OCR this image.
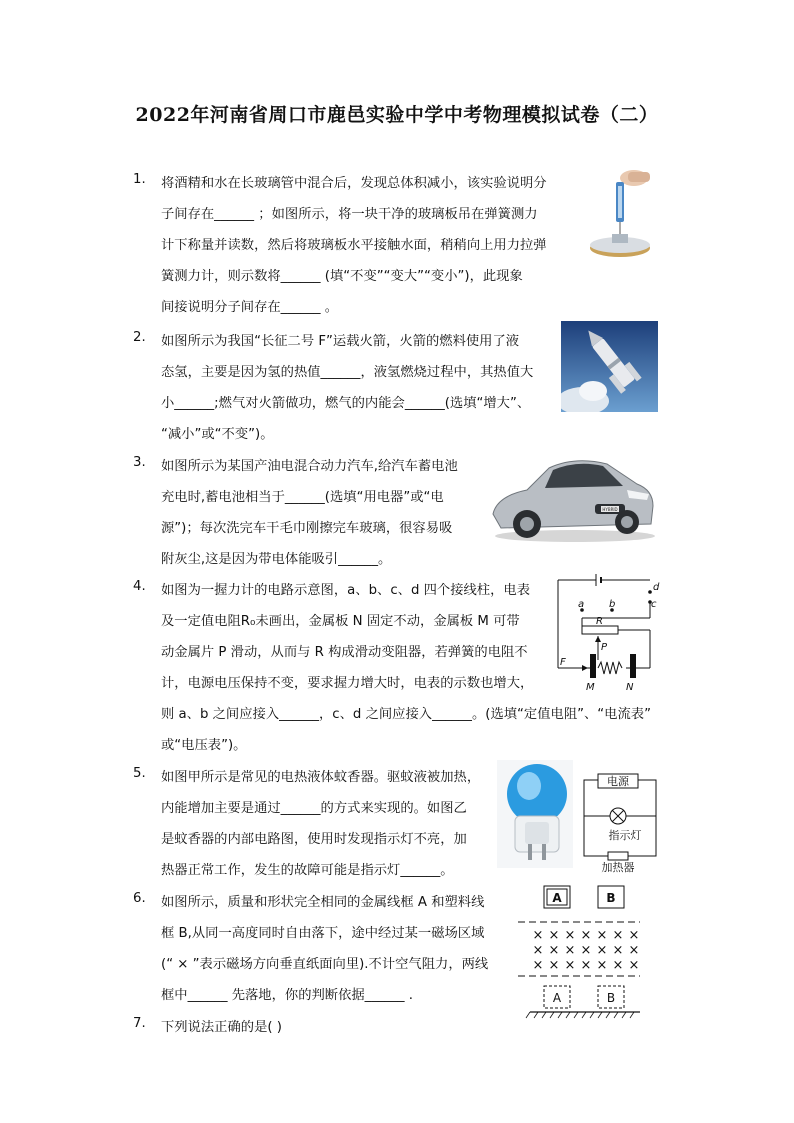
2022年河南省周口市鹿邑实验中学中考物理模拟试卷（二）
1.	将酒精和水在长玻璃管中混合后，发现总体积减小，该实验说明分
子间存在______ ；如图所示，将一块干净的玻璃板吊在弹簧测力
计下称量并读数，然后将玻璃板水平接触水面，稍稍向上用力拉弹
簧测力计，则示数将______ (填“不变”“变大”“变小”)，此现象
间接说明分子间存在______ 。
2.	如图所示为我国“长征二号 F”运载火箭，火箭的燃料使用了液
态氢，主要是因为氢的热值______，液氢燃烧过程中，其热值大
小______;燃气对火箭做功，燃气的内能会______(选填“增大”、
“减小”或“不变”)。
3.	如图所示为某国产油电混合动力汽车,给汽车蓄电池
充电时,蓄电池相当于______(选填“用电器”或“电
源”)；每次洗完车干毛巾刚擦完车玻璃，很容易吸
附灰尘,这是因为带电体能吸引______。
HYBRID
4.	如图为一握力计的电路示意图，a、b、c、d 四个接线柱，电表
及一定值电阻R₀未画出，金属板 N 固定不动，金属板 M 可带
动金属片 P 滑动，从而与 R 构成滑动变阻器，若弹簧的电阻不
计，电源电压保持不变，要求握力增大时，电表的示数也增大，
则 a、b 之间应接入______，c、d 之间应接入______。(选填“定值电阻”、“电流表”
或“电压表”)。
d
c
a b
R
P
F
M	N
5.	如图甲所示是常见的电热液体蚊香器。驱蚊液被加热，
内能增加主要是通过______的方式来实现的。如图乙
是蚊香器的内部电路图，使用时发现指示灯不亮，加
热器正常工作，发生的故障可能是指示灯______。
电源
指示灯
加热器
6.	如图所示，质量和形状完全相同的金属线框 A 和塑料线
框 B,从同一高度同时自由落下，途中经过某一磁场区域
(“ × ”表示磁场方向垂直纸面向里).不计空气阻力，两线
框中______ 先落地，你的判断依据______ .
A	B
A	B
× × × × × × ×
× × × × × × ×
× × × × × × ×
7.	下列说法正确的是( )
